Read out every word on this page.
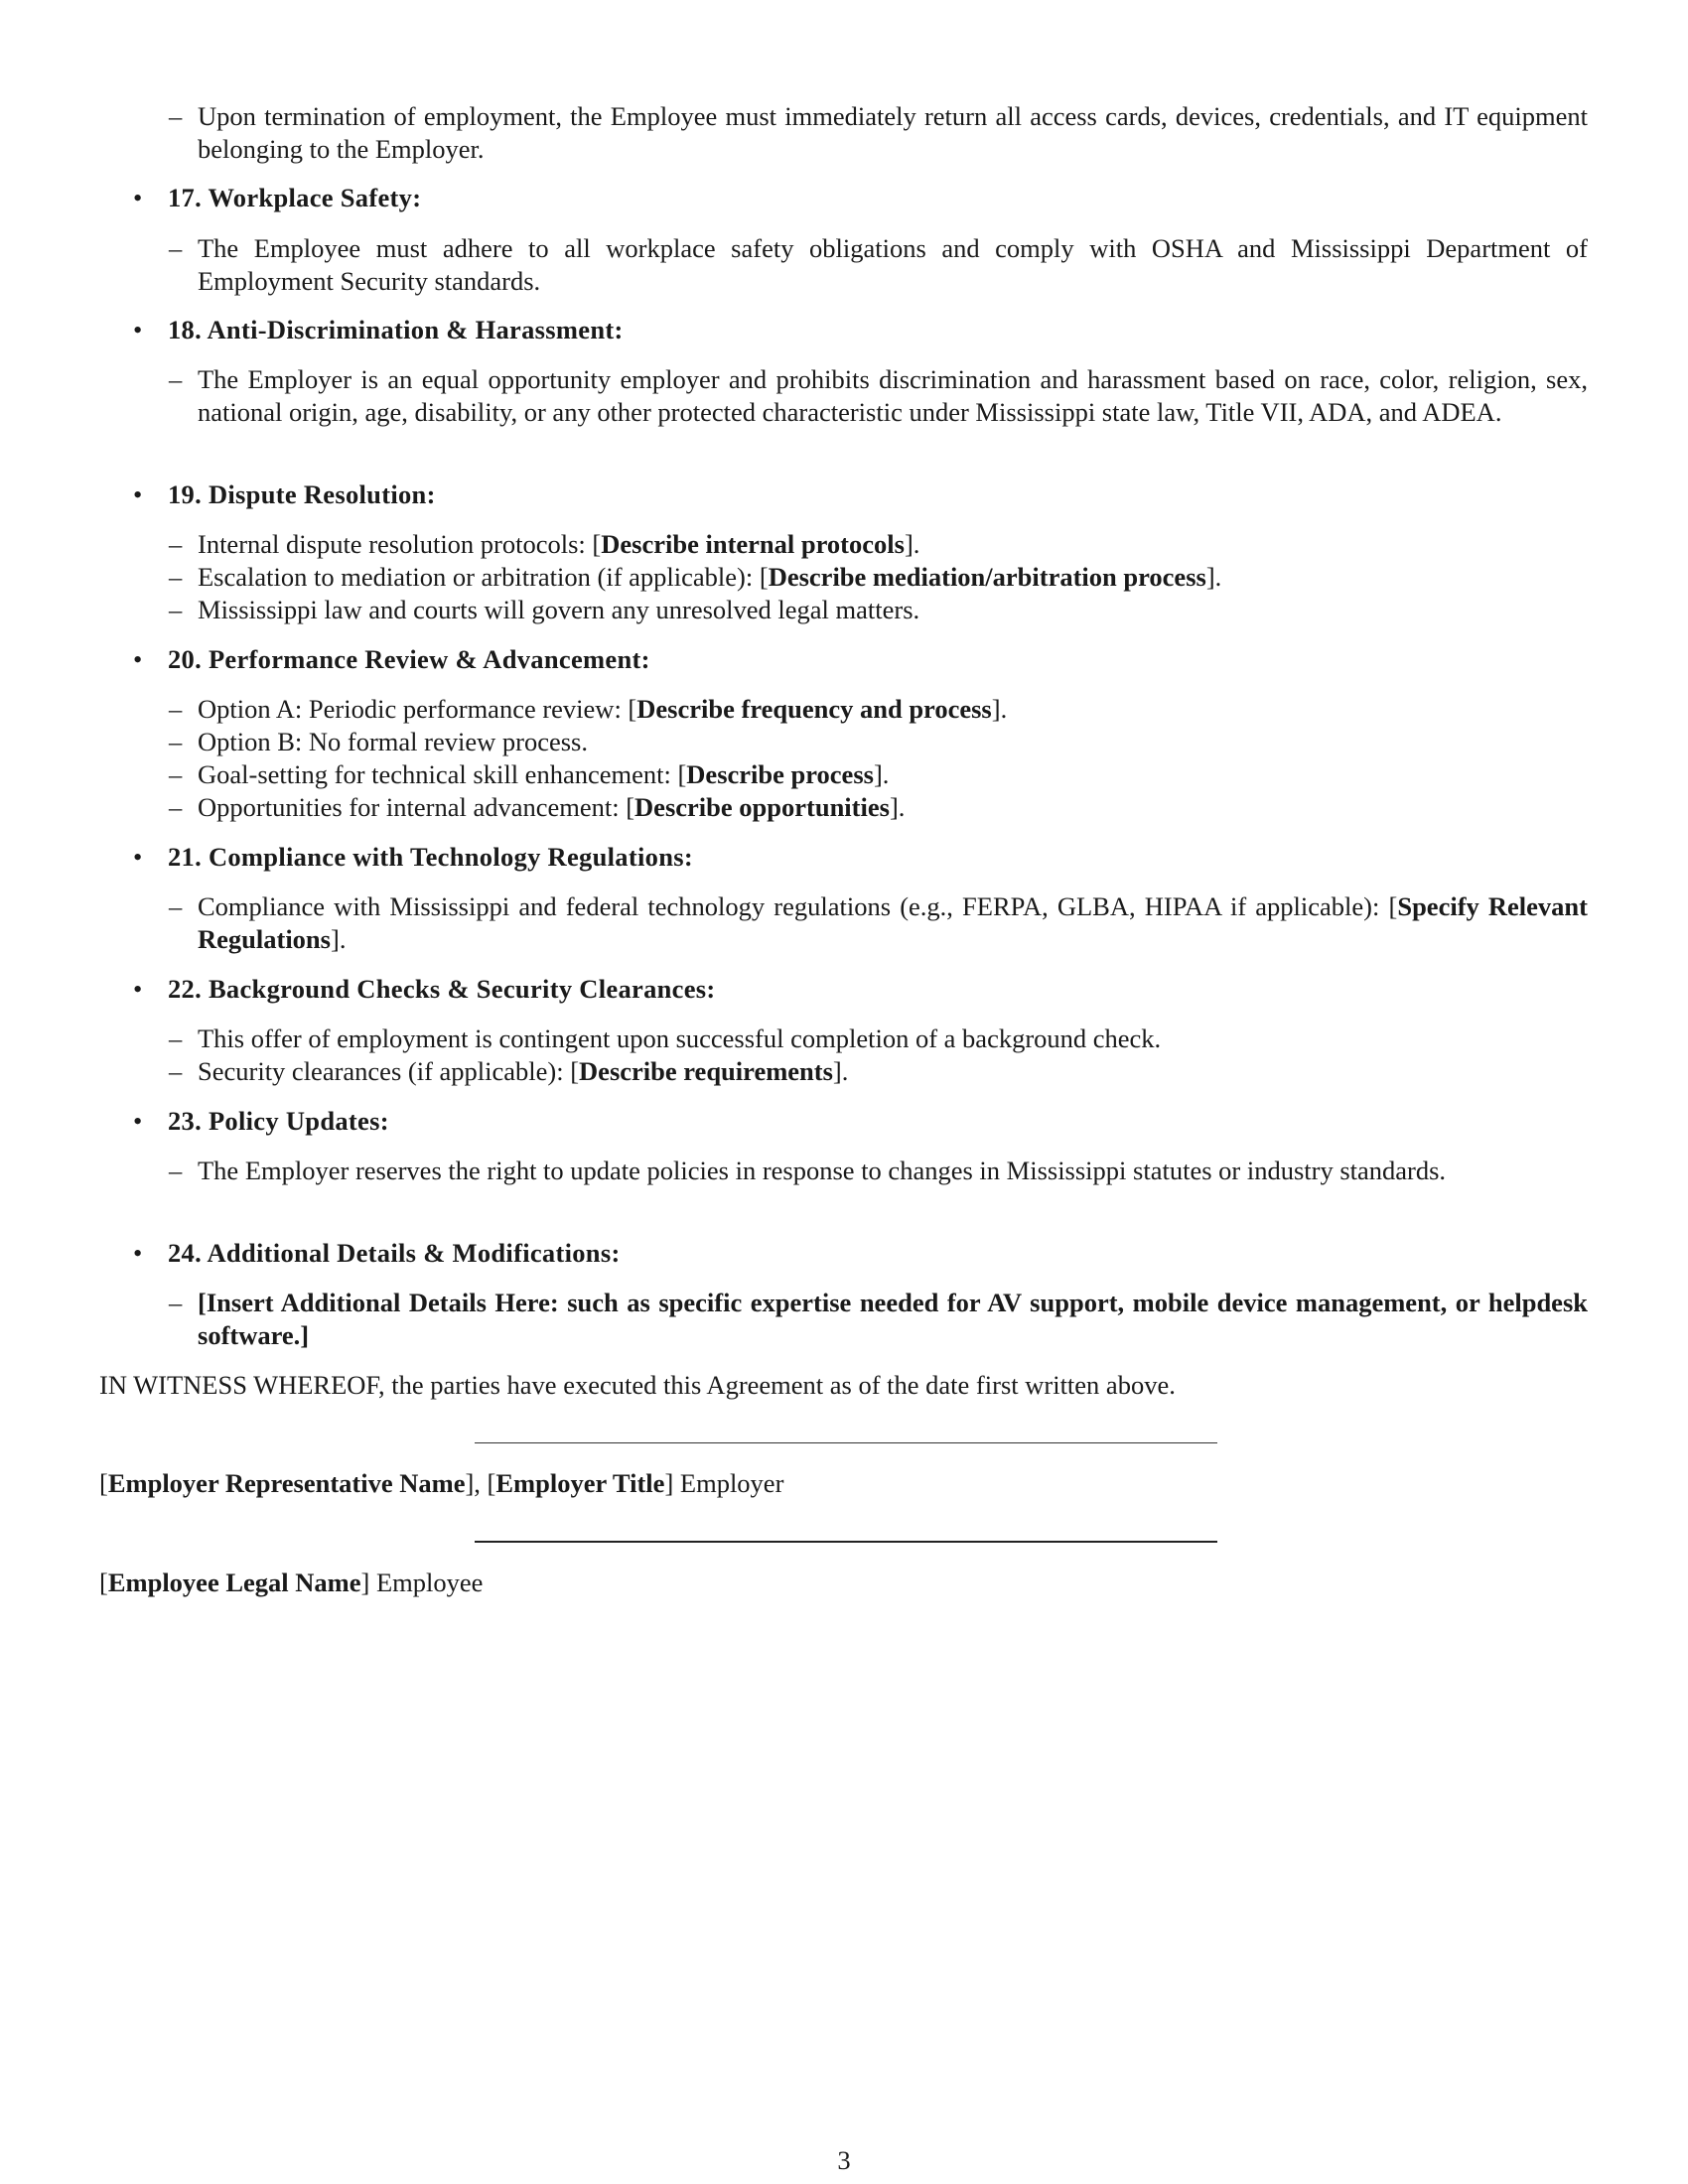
– Upon termination of employment, the Employee must immediately return all access cards, devices, credentials, and IT equipment belonging to the Employer.

• 17. Workplace Safety:

– The Employee must adhere to all workplace safety obligations and comply with OSHA and Mississippi Department of Employment Security standards.

• 18. Anti-Discrimination & Harassment:

– The Employer is an equal opportunity employer and prohibits discrimination and harassment based on race, color, religion, sex, national origin, age, disability, or any other protected characteristic under Mississippi state law, Title VII, ADA, and ADEA.

• 19. Dispute Resolution:

– Internal dispute resolution protocols: [Describe internal protocols].

– Escalation to mediation or arbitration (if applicable): [Describe mediation/arbitration process].

– Mississippi law and courts will govern any unresolved legal matters.

• 20. Performance Review & Advancement:

– Option A: Periodic performance review: [Describe frequency and process].

– Option B: No formal review process.

– Goal-setting for technical skill enhancement: [Describe process].

– Opportunities for internal advancement: [Describe opportunities].

• 21. Compliance with Technology Regulations:

– Compliance with Mississippi and federal technology regulations (e.g., FERPA, GLBA, HIPAA if applicable): [Specify Relevant Regulations].

• 22. Background Checks & Security Clearances:

– This offer of employment is contingent upon successful completion of a background check.

– Security clearances (if applicable): [Describe requirements].

• 23. Policy Updates:

– The Employer reserves the right to update policies in response to changes in Mississippi statutes or industry standards.

• 24. Additional Details & Modifications:

– [Insert Additional Details Here: such as specific expertise needed for AV support, mobile device management, or helpdesk software.]

IN WITNESS WHEREOF, the parties have executed this Agreement as of the date first written above.

[Employer Representative Name], [Employer Title] Employer

[Employee Legal Name] Employee

3
